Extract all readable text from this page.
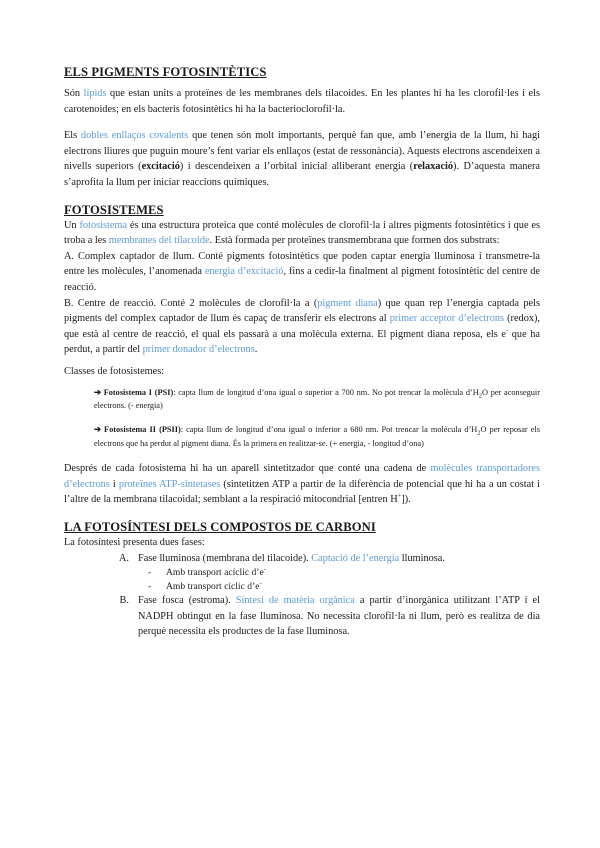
ELS PIGMENTS FOTOSINTÈTICS

Són lípids que estan units a proteïnes de les membranes dels tilacoides. En les plantes hi ha les clorofil·les i els carotenoides; en els bacteris fotosintètics hi ha la bacterioclorofil·la.

Els dobles enllaços covalents que tenen són molt importants, perquè fan que, amb l’energia de la llum, hi hagi electrons lliures que puguin moure’s fent variar els enllaços (estat de ressonància). Aquests electrons ascendeixen a nivells superiors (excitació) i descendeixen a l’orbital inicial alliberant energia (relaxació). D’aquesta manera s’aprofita la llum per iniciar reaccions químiques.

FOTOSISTEMES

Un fotosistema és una estructura proteica que conté molècules de clorofil·la i altres pigments fotosintètics i que es troba a les membranes del tilacoide. Està formada per proteïnes transmembrana que formen dos substrats:

A. Complex captador de llum. Conté pigments fotosintètics que poden captar energia lluminosa i transmetre-la entre les molècules, l’anomenada energia d’excitació, fins a cedir-la finalment al pigment fotosintètic del centre de reacció.

B. Centre de reacció. Conté 2 molècules de clorofil·la a (pigment diana) que quan rep l’energia captada pels pigments del complex captador de llum és capaç de transferir els electrons al primer acceptor d’electrons (redox), que està al centre de reacció, el qual els passarà a una molècula externa. El pigment diana reposa, els e- que ha perdut, a partir del primer donador d’electrons.

Classes de fotosistemes:

➔ Fotosistema I (PSI): capta llum de longitud d’ona igual o superior a 700 nm. No pot trencar la molècula $d’H_2O$ per aconseguir electrons. (- energia)

➔ Fotosistema II (PSII): capta llum de longitud d’ona igual o inferior a 680 nm. Pot trencar la molècula $d’H_2O$ per reposar els electrons que ha perdut al pigment diana. És la primera en realitzar-se. (+ energia, - longitud d’ona)

Després de cada fotosistema hi ha un aparell sintetitzador que conté una cadena de molècules transportadores d’electrons i proteïnes ATP-sintetases (sintetitzen ATP a partir de la diferència de potencial que hi ha a un costat i l’altre de la membrana tilacoidal; semblant a la respiració mitocondrial [entren H+]).

LA FOTOSÍNTESI DELS COMPOSTOS DE CARBONI

La fotosíntesi presenta dues fases:

A. Fase lluminosa (membrana del tilacoide). Captació de l’energia lluminosa.
-	Amb transport acíclic d’e-
-	Amb transport cíclic d’e-
B. Fase fosca (estroma). Síntesi de matèria orgànica a partir d’inorgànica utilitzant l’ATP i el NADPH obtingut en la fase lluminosa. No necessita clorofil·la ni llum, però es realitza de dia perquè necessita els productes de la fase lluminosa.
